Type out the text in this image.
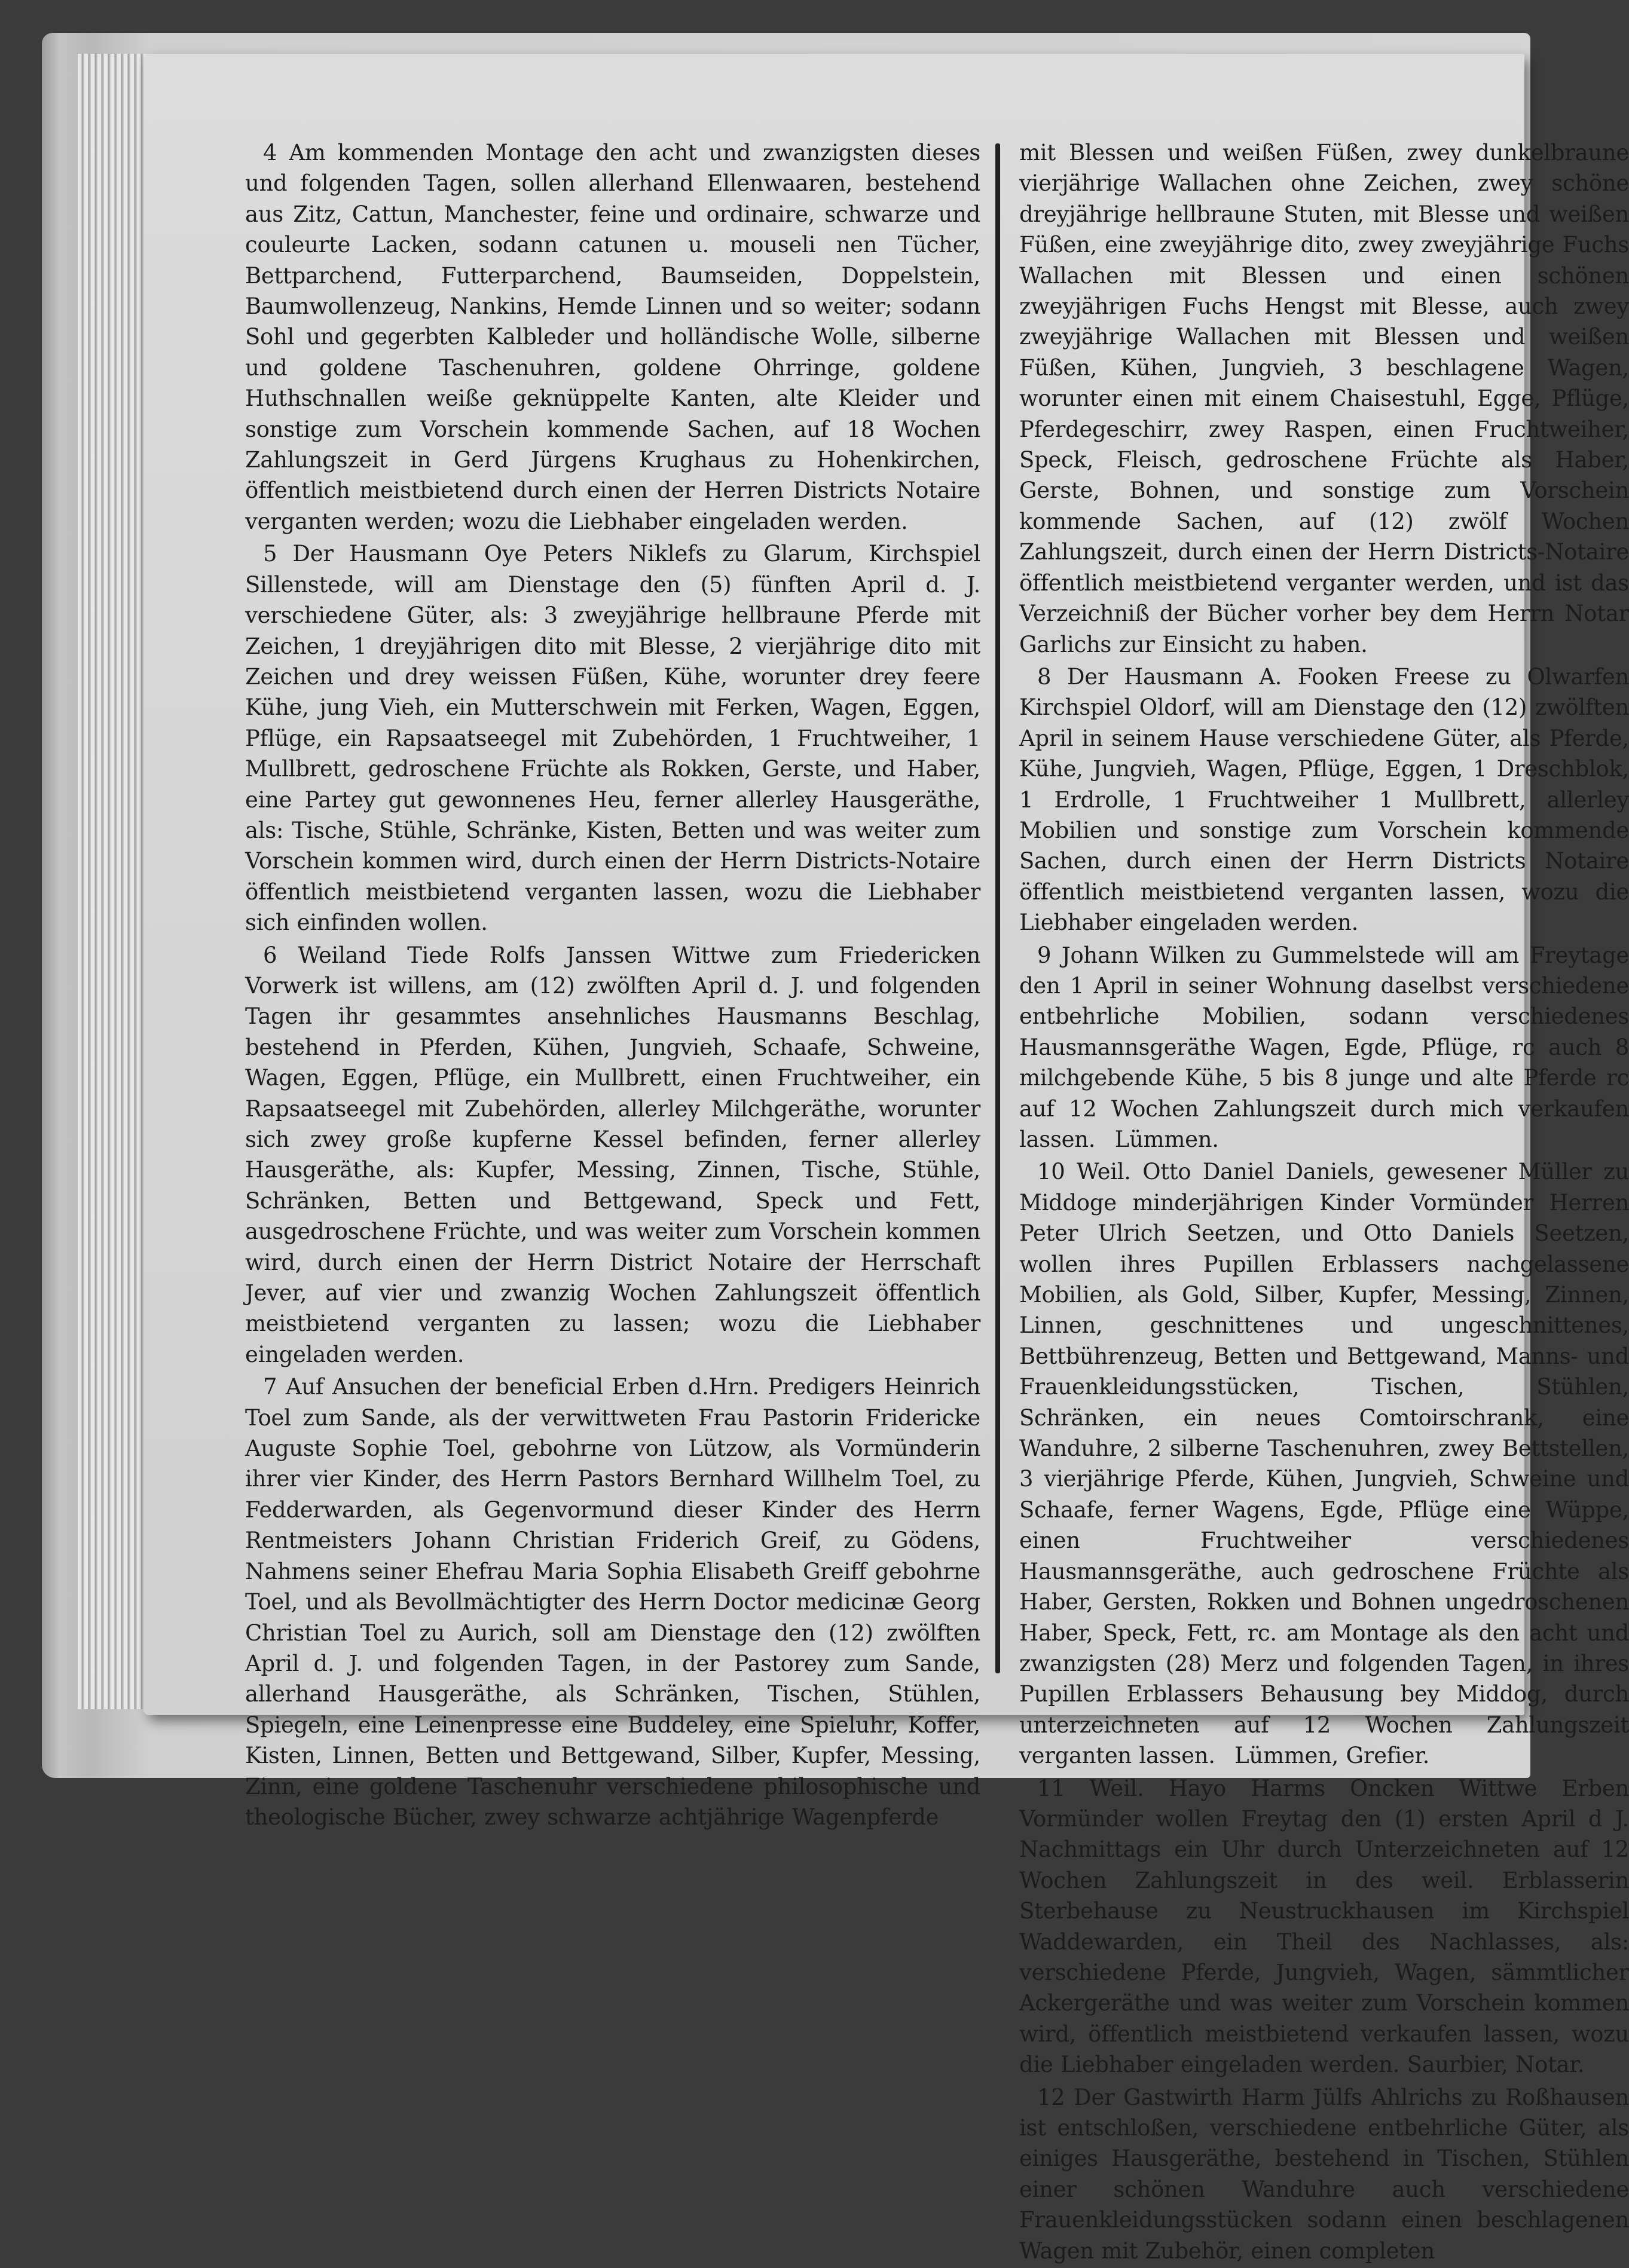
4 Am kommenden Montage den acht und zwanzigsten dieses und folgenden Tagen, sollen allerhand Ellenwaaren, bestehend aus Zitz, Cattun, Manchester, feine und ordinaire, schwarze und couleurte Lacken, sodann catunen u. mouseli nen Tücher, Bettparchend, Futterparchend, Baumseiden, Doppelstein, Baumwollenzeug, Nankins, Hemde Linnen und so weiter; sodann Sohl und gegerbten Kalbleder und holländische Wolle, silberne und goldene Taschenuhren, goldene Ohrringe, goldene Huthschnallen weiße geknüppelte Kanten, alte Kleider und sonstige zum Vorschein kommende Sachen, auf 18 Wochen Zahlungszeit in Gerd Jürgens Krughaus zu Hohenkirchen, öffentlich meistbietend durch einen der Herren Districts Notaire verganten werden; wozu die Liebhaber eingeladen werden.

5 Der Hausmann Oye Peters Niklefs zu Glarum, Kirchspiel Sillenstede, will am Dienstage den (5) fünften April d. J. verschiedene Güter, als: 3 zweyjährige hellbraune Pferde mit Zeichen, 1 dreyjährigen dito mit Blesse, 2 vierjährige dito mit Zeichen und drey weissen Füßen, Kühe, worunter drey feere Kühe, jung Vieh, ein Mutterschwein mit Ferken, Wagen, Eggen, Pflüge, ein Rapsaatseegel mit Zubehörden, 1 Fruchtweiher, 1 Mullbrett, gedroschene Früchte als Rokken, Gerste, und Haber, eine Partey gut gewonnenes Heu, ferner allerley Hausgeräthe, als: Tische, Stühle, Schränke, Kisten, Betten und was weiter zum Vorschein kommen wird, durch einen der Herrn Districts-Notaire öffentlich meistbietend verganten lassen, wozu die Liebhaber sich einfinden wollen.

6 Weiland Tiede Rolfs Janssen Wittwe zum Friedericken Vorwerk ist willens, am (12) zwölften April d. J. und folgenden Tagen ihr gesammtes ansehnliches Hausmanns Beschlag, bestehend in Pferden, Kühen, Jungvieh, Schaafe, Schweine, Wagen, Eggen, Pflüge, ein Mullbrett, einen Fruchtweiher, ein Rapsaatseegel mit Zubehörden, allerley Milchgeräthe, worunter sich zwey große kupferne Kessel befinden, ferner allerley Hausgeräthe, als: Kupfer, Messing, Zinnen, Tische, Stühle, Schränken, Betten und Bettgewand, Speck und Fett, ausgedroschene Früchte, und was weiter zum Vorschein kommen wird, durch einen der Herrn District Notaire der Herrschaft Jever, auf vier und zwanzig Wochen Zahlungszeit öffentlich meistbietend verganten zu lassen; wozu die Liebhaber eingeladen werden.

7 Auf Ansuchen der beneficial Erben d.Hrn. Predigers Heinrich Toel zum Sande, als der verwittweten Frau Pastorin Fridericke Auguste Sophie Toel, gebohrne von Lützow, als Vormünderin ihrer vier Kinder, des Herrn Pastors Bernhard Willhelm Toel, zu Fedderwarden, als Gegenvormund dieser Kinder des Herrn Rentmeisters Johann Christian Friderich Greif, zu Gödens, Nahmens seiner Ehefrau Maria Sophia Elisabeth Greiff gebohrne Toel, und als Bevollmächtigter des Herrn Doctor medicinæ Georg Christian Toel zu Aurich, soll am Dienstage den (12) zwölften April d. J. und folgenden Tagen, in der Pastorey zum Sande, allerhand Hausgeräthe, als Schränken, Tischen, Stühlen, Spiegeln, eine Leinenpresse eine Buddeley, eine Spieluhr, Koffer, Kisten, Linnen, Betten und Bettgewand, Silber, Kupfer, Messing, Zinn, eine goldene Taschenuhr verschiedene philosophische und theologische Bücher, zwey schwarze achtjährige Wagenpferde

mit Blessen und weißen Füßen, zwey dunkelbraune vierjährige Wallachen ohne Zeichen, zwey schöne dreyjährige hellbraune Stuten, mit Blesse und weißen Füßen, eine zweyjährige dito, zwey zweyjährige Fuchs Wallachen mit Blessen und einen schönen zweyjährigen Fuchs Hengst mit Blesse, auch zwey zweyjährige Wallachen mit Blessen und weißen Füßen, Kühen, Jungvieh, 3 beschlagene Wagen, worunter einen mit einem Chaisestuhl, Egge, Pflüge, Pferdegeschirr, zwey Raspen, einen Fruchtweiher, Speck, Fleisch, gedroschene Früchte als Haber, Gerste, Bohnen, und sonstige zum Vorschein kommende Sachen, auf (12) zwölf Wochen Zahlungszeit, durch einen der Herrn Districts-Notaire öffentlich meistbietend verganter werden, und ist das Verzeichniß der Bücher vorher bey dem Herrn Notar Garlichs zur Einsicht zu haben.

8 Der Hausmann A. Fooken Freese zu Olwarfen Kirchspiel Oldorf, will am Dienstage den (12) zwölften April in seinem Hause verschiedene Güter, als Pferde, Kühe, Jungvieh, Wagen, Pflüge, Eggen, 1 Dreschblok, 1 Erdrolle, 1 Fruchtweiher 1 Mullbrett, allerley Mobilien und sonstige zum Vorschein kommende Sachen, durch einen der Herrn Districts Notaire öffentlich meistbietend verganten lassen, wozu die Liebhaber eingeladen werden.

9 Johann Wilken zu Gummelstede will am Freytage den 1 April in seiner Wohnung daselbst verschiedene entbehrliche Mobilien, sodann verschiedenes Hausmannsgeräthe Wagen, Egde, Pflüge, rc auch 8 milchgebende Kühe, 5 bis 8 junge und alte Pferde rc auf 12 Wochen Zahlungszeit durch mich verkaufen lassen. Lümmen.

10 Weil. Otto Daniel Daniels, gewesener Müller zu Middoge minderjährigen Kinder Vormünder Herren Peter Ulrich Seetzen, und Otto Daniels Seetzen, wollen ihres Pupillen Erblassers nachgelassene Mobilien, als Gold, Silber, Kupfer, Messing, Zinnen, Linnen, geschnittenes und ungeschnittenes, Bettbührenzeug, Betten und Bettgewand, Manns- und Frauenkleidungsstücken, Tischen, Stühlen, Schränken, ein neues Comtoirschrank, eine Wanduhre, 2 silberne Taschenuhren, zwey Bettstellen, 3 vierjährige Pferde, Kühen, Jungvieh, Schweine und Schaafe, ferner Wagens, Egde, Pflüge eine Wüppe, einen Fruchtweiher verschiedenes Hausmannsgeräthe, auch gedroschene Früchte als Haber, Gersten, Rokken und Bohnen ungedroschenen Haber, Speck, Fett, rc. am Montage als den acht und zwanzigsten (28) Merz und folgenden Tagen, in ihres Pupillen Erblassers Behausung bey Middog, durch unterzeichneten auf 12 Wochen Zahlungszeit verganten lassen. Lümmen, Grefier.

11 Weil. Hayo Harms Oncken Wittwe Erben Vormünder wollen Freytag den (1) ersten April d J. Nachmittags ein Uhr durch Unterzeichneten auf 12 Wochen Zahlungszeit in des weil. Erblasserin Sterbehause zu Neustruckhausen im Kirchspiel Waddewarden, ein Theil des Nachlasses, als: verschiedene Pferde, Jungvieh, Wagen, sämmtlicher Ackergeräthe und was weiter zum Vorschein kommen wird, öffentlich meistbietend verkaufen lassen, wozu die Liebhaber eingeladen werden. Saurbier, Notar.

12 Der Gastwirth Harm Jülfs Ahlrichs zu Roßhausen ist entschloßen, verschiedene entbehrliche Güter, als einiges Hausgeräthe, bestehend in Tischen, Stühlen einer schönen Wanduhre auch verschiedene Frauenkleidungsstücken sodann einen beschlagenen Wagen mit Zubehör, einen completen
